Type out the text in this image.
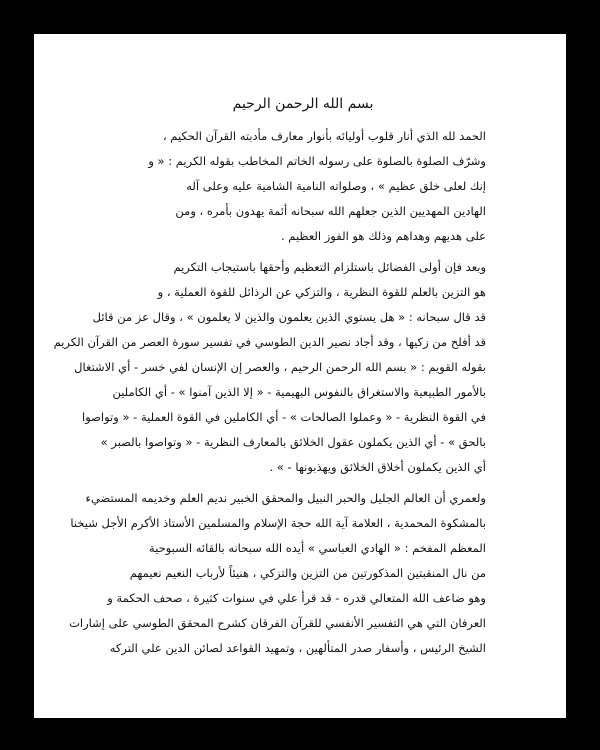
بسم الله الرحمن الرحيم
الحمد لله الذي أنار قلوب أوليائه بأنوار معارف مأدبته القرآن الحكيم ،
وشرّف الصلوة بالصلوة على رسوله الخاتم المخاطب بقوله الكريم : « و
إنك لعلى خلق عظيم » ، وصلواته النامية الشامية عليه وعلى آله
الهادين المهديين الذين جعلهم الله سبحانه أئمة يهدون بأمره ، ومن
على هديهم وهداهم وذلك هو الفوز العظيم .
وبعد فإن أولى الفضائل باستلزام التعظيم وأحقها باستيجاب التكريم
هو التزين بالعلم للقوة النظرية ، والتزكي عن الرذائل للقوة العملية ، و
قد قال سبحانه : « هل يستوي الذين يعلمون والذين لا يعلمون » ، وقال عز من قائل
قد أفلح من زكيها ، وقد أجاد نصير الدين الطوسي في تفسير سورة العصر من القرآن الكريم
بقوله القويم : « بسم الله الرحمن الرحيم ، والعصر إن الإنسان لفي خسر - أي الاشتغال
بالأمور الطبيعية والاستغراق بالنفوس البهيمية - « إلا الذين آمنوا » - أي الكاملين
في القوة النظرية - « وعملوا الصالحات » - أي الكاملين في القوة العملية - « وتواصوا
بالحق » - أي الذين يكملون عقول الخلائق بالمعارف النظرية - « وتواصوا بالصبر »
أي الذين يكملون أخلاق الخلائق ويهذبونها - » .
ولعمري أن العالم الجليل والحبر النبيل والمحقق الخبير نديم العلم وخديمه المستضيء
بالمشكوة المحمدية ، العلامة آية الله حجة الإسلام والمسلمين الأستاذ الأكرم الأجل شيخنا
المعظم المفخم : « الهادي العباسي » أيده الله سبحانه بالقائه السبوحية
من نال المنقبتين المذكورتين من التزين والتزكي ، هنيئاً لأرباب النعيم نعيمهم
وهو ضاعف الله المتعالي قدره - قد قرأ علي في سنوات كثيرة ، صحف الحكمة و
العرفان التي هي التفسير الأنفسي للقرآن الفرقان كشرح المحقق الطوسي على إشارات
الشيخ الرئيس ، وأسفار صدر المتألهين ، وتمهيد القواعد لصائن الدين علي التركه
